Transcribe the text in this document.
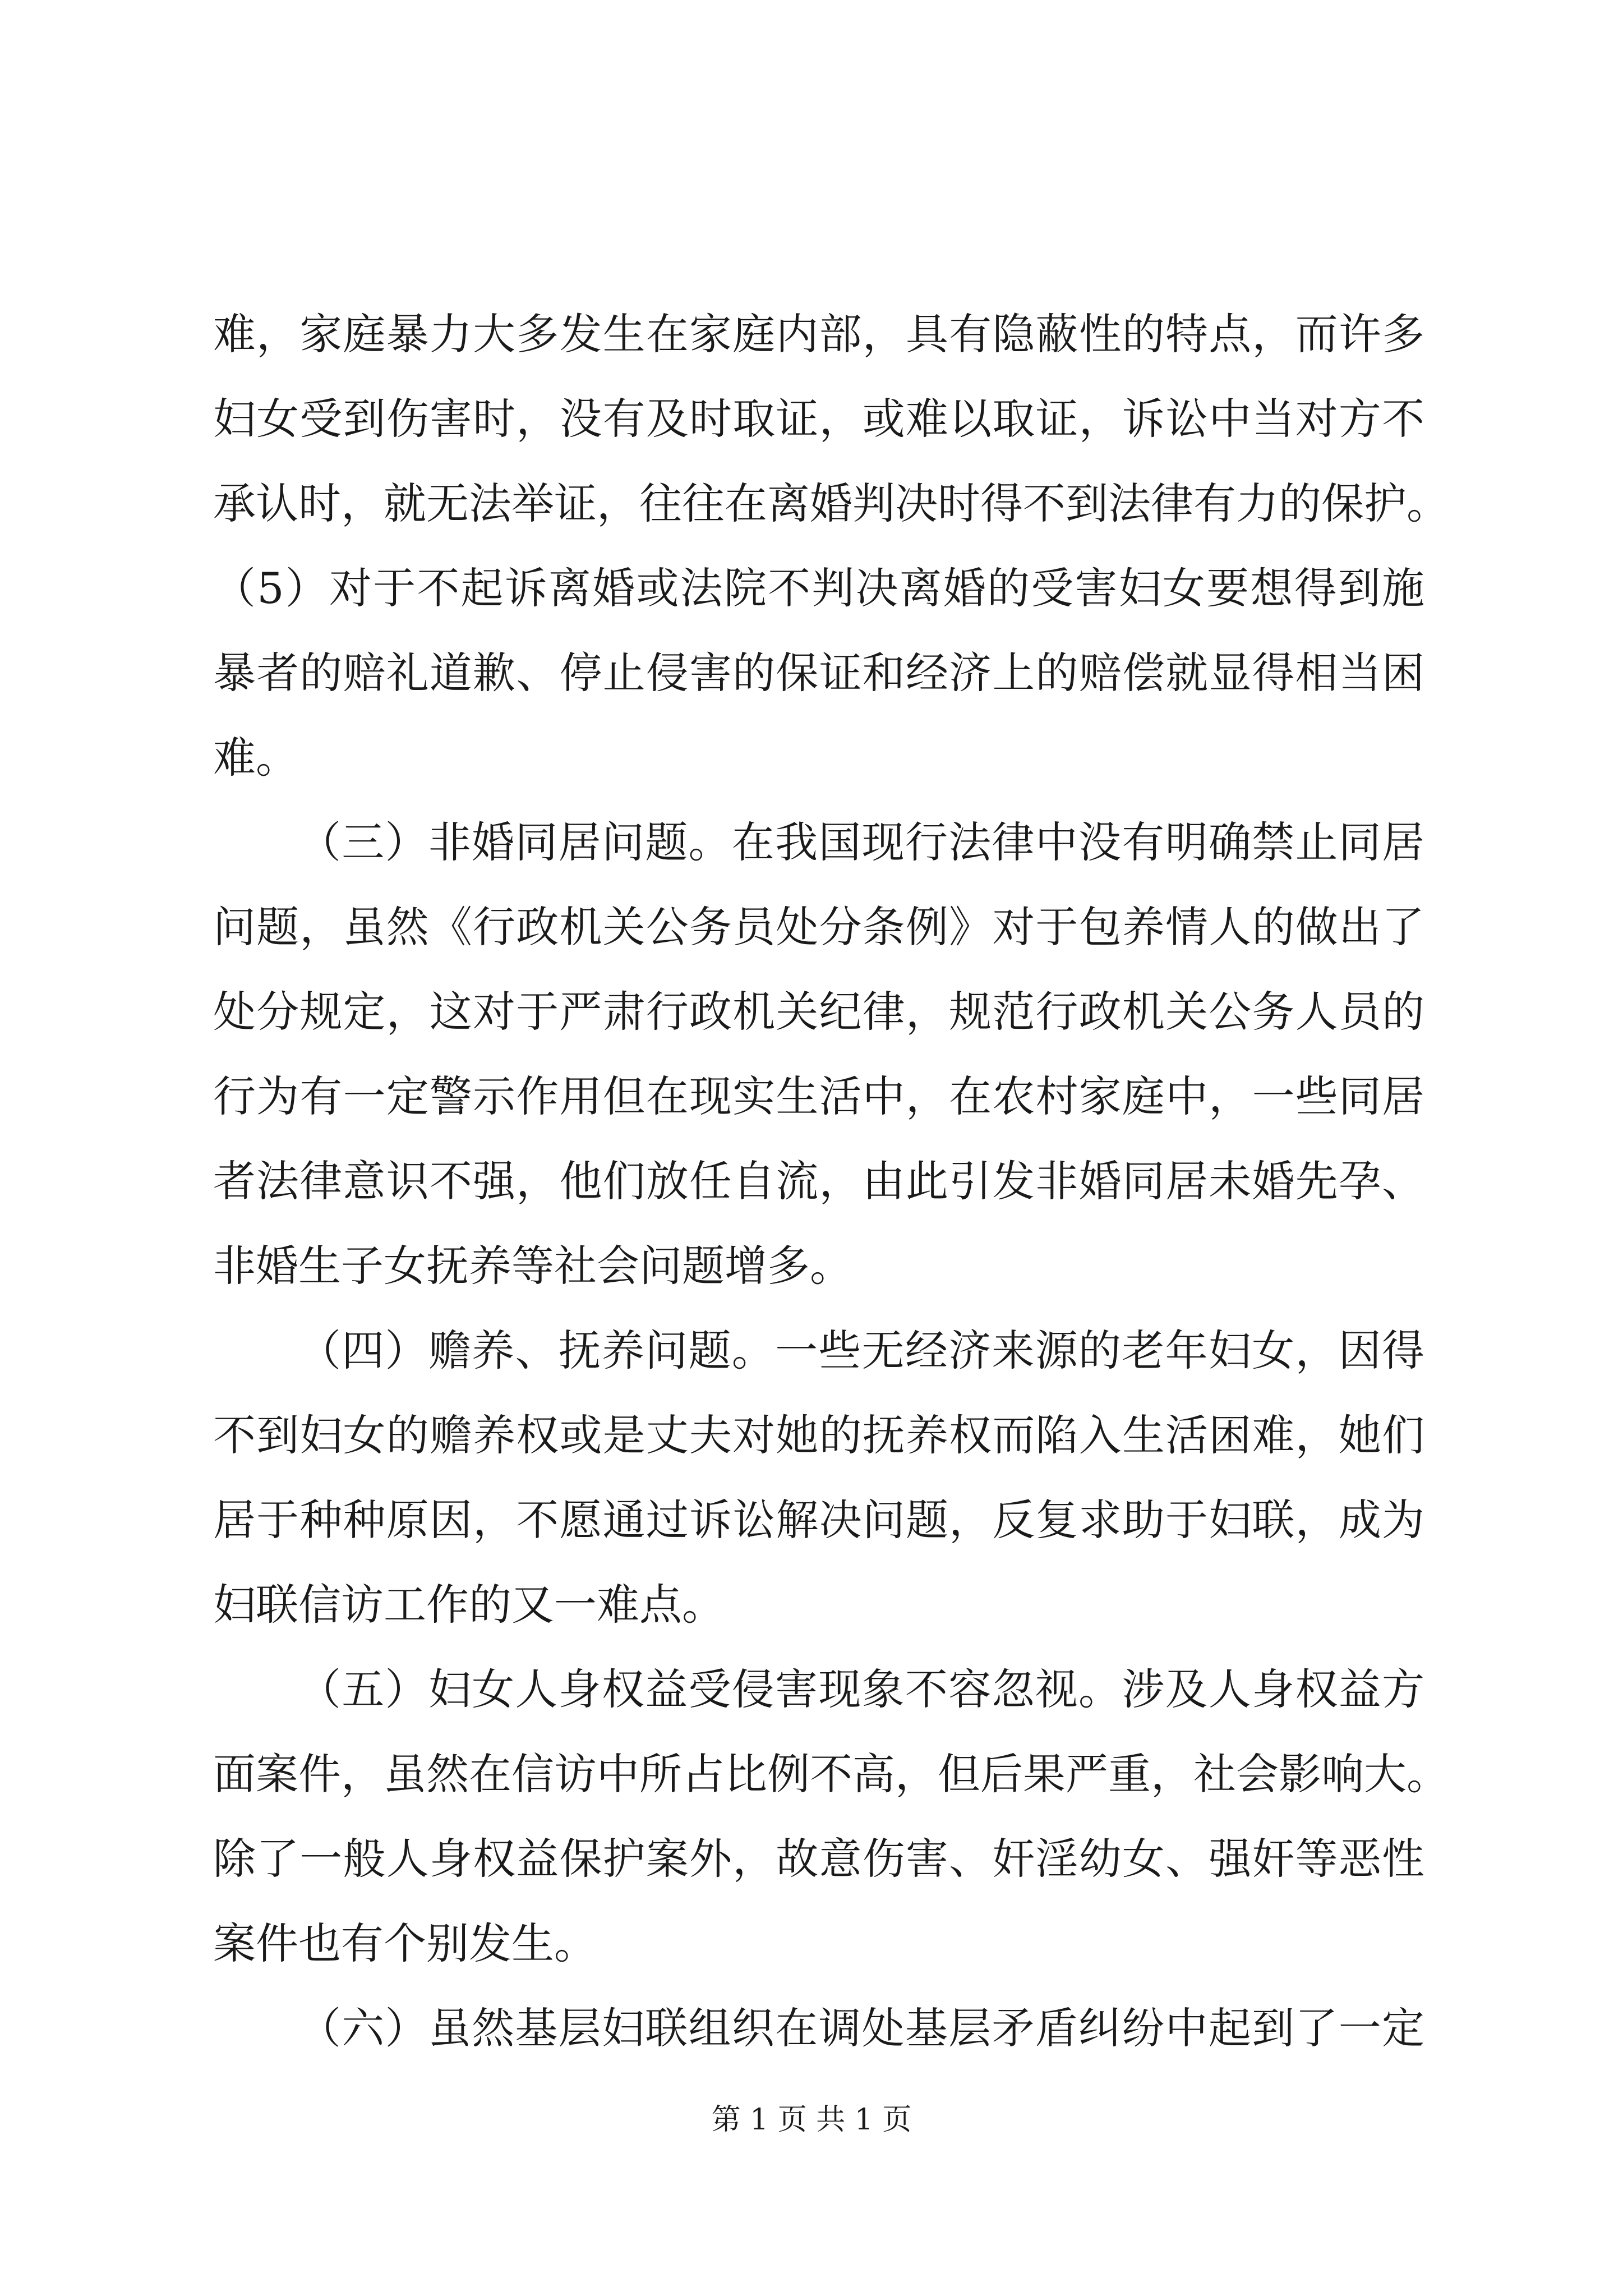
难，家庭暴力大多发生在家庭内部，具有隐蔽性的特点，而许多
妇女受到伤害时，没有及时取证，或难以取证，诉讼中当对方不
承认时，就无法举证，往往在离婚判决时得不到法律有力的保护。
（5）对于不起诉离婚或法院不判决离婚的受害妇女要想得到施
暴者的赔礼道歉、停止侵害的保证和经济上的赔偿就显得相当困
难。
（三）非婚同居问题。在我国现行法律中没有明确禁止同居
问题，虽然《行政机关公务员处分条例》对于包养情人的做出了
处分规定，这对于严肃行政机关纪律，规范行政机关公务人员的
行为有一定警示作用但在现实生活中，在农村家庭中，一些同居
者法律意识不强，他们放任自流，由此引发非婚同居未婚先孕、
非婚生子女抚养等社会问题增多。
（四）赡养、抚养问题。一些无经济来源的老年妇女，因得
不到妇女的赡养权或是丈夫对她的抚养权而陷入生活困难，她们
居于种种原因，不愿通过诉讼解决问题，反复求助于妇联，成为
妇联信访工作的又一难点。
（五）妇女人身权益受侵害现象不容忽视。涉及人身权益方
面案件，虽然在信访中所占比例不高，但后果严重，社会影响大。
除了一般人身权益保护案外，故意伤害、奸淫幼女、强奸等恶性
案件也有个别发生。
（六）虽然基层妇联组织在调处基层矛盾纠纷中起到了一定
第 1 页 共 1 页
